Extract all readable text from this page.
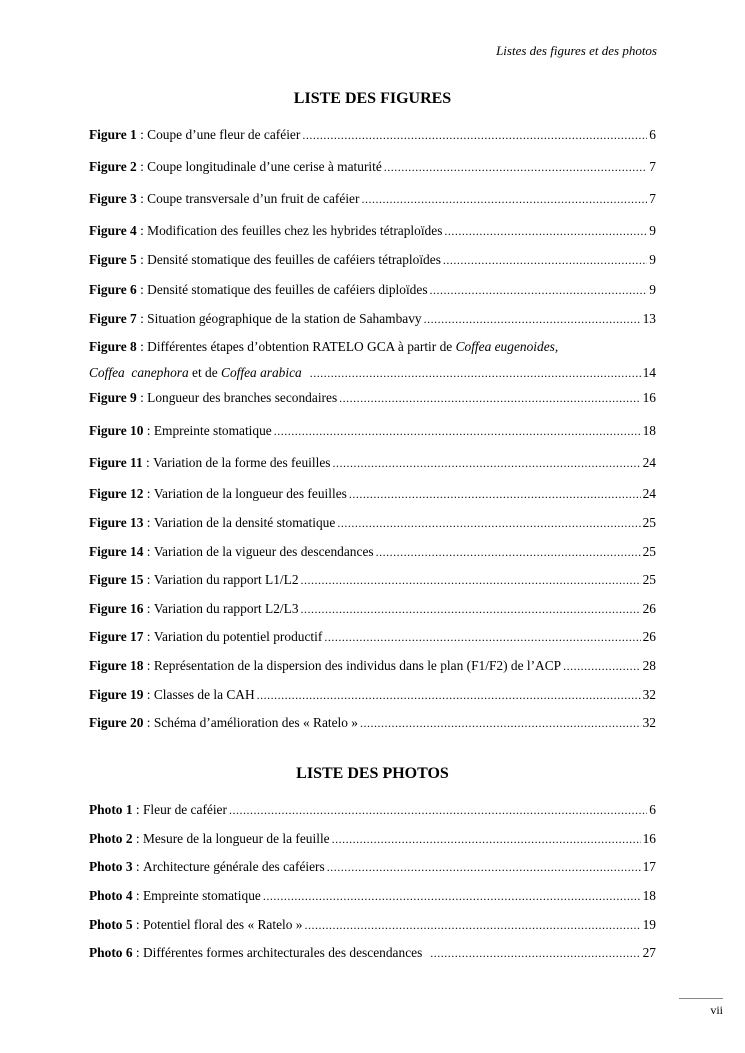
Listes des figures et des photos
LISTE DES FIGURES
Figure 1 : Coupe d’une fleur de caféier .....	6
Figure 2 : Coupe longitudinale d’une cerise à maturité .....	7
Figure 3 : Coupe transversale d’un fruit de caféier .....	7
Figure 4 : Modification des feuilles chez les hybrides tétraploïdes .....	9
Figure 5 : Densité stomatique des feuilles de caféiers tétraploïdes .....	9
Figure 6 : Densité stomatique des feuilles de caféiers diploïdes .....	9
Figure 7 : Situation géographique de la station de Sahambavy .....	13
Figure 8 : Différentes étapes d’obtention RATELO GCA à partir de Coffea eugenoides,
Coffea  canephora et de Coffea arabica .....	14
Figure 9 : Longueur des branches secondaires .....	16
Figure 10 : Empreinte stomatique .....	18
Figure 11 : Variation de la forme des feuilles .....	24
Figure 12 : Variation de la longueur des feuilles .....	24
Figure 13 : Variation de la densité stomatique .....	25
Figure 14 : Variation de la vigueur des descendances .....	25
Figure 15 : Variation du rapport L1/L2 .....	25
Figure 16 : Variation du rapport L2/L3 .....	26
Figure 17 : Variation du potentiel productif .....	26
Figure 18 : Représentation de la dispersion des individus dans le plan (F1/F2) de l’ACP .....	28
Figure 19 : Classes de la CAH .....	32
Figure 20 : Schéma d’amélioration des « Ratelo » .....	32
LISTE DES PHOTOS
Photo 1 : Fleur de caféier .....	6
Photo 2 : Mesure de la longueur de la feuille .....	16
Photo 3 : Architecture générale des caféiers .....	17
Photo 4 : Empreinte stomatique .....	18
Photo 5 : Potentiel floral des « Ratelo » .....	19
Photo 6 : Différentes formes architecturales des descendances .....	27
vii
